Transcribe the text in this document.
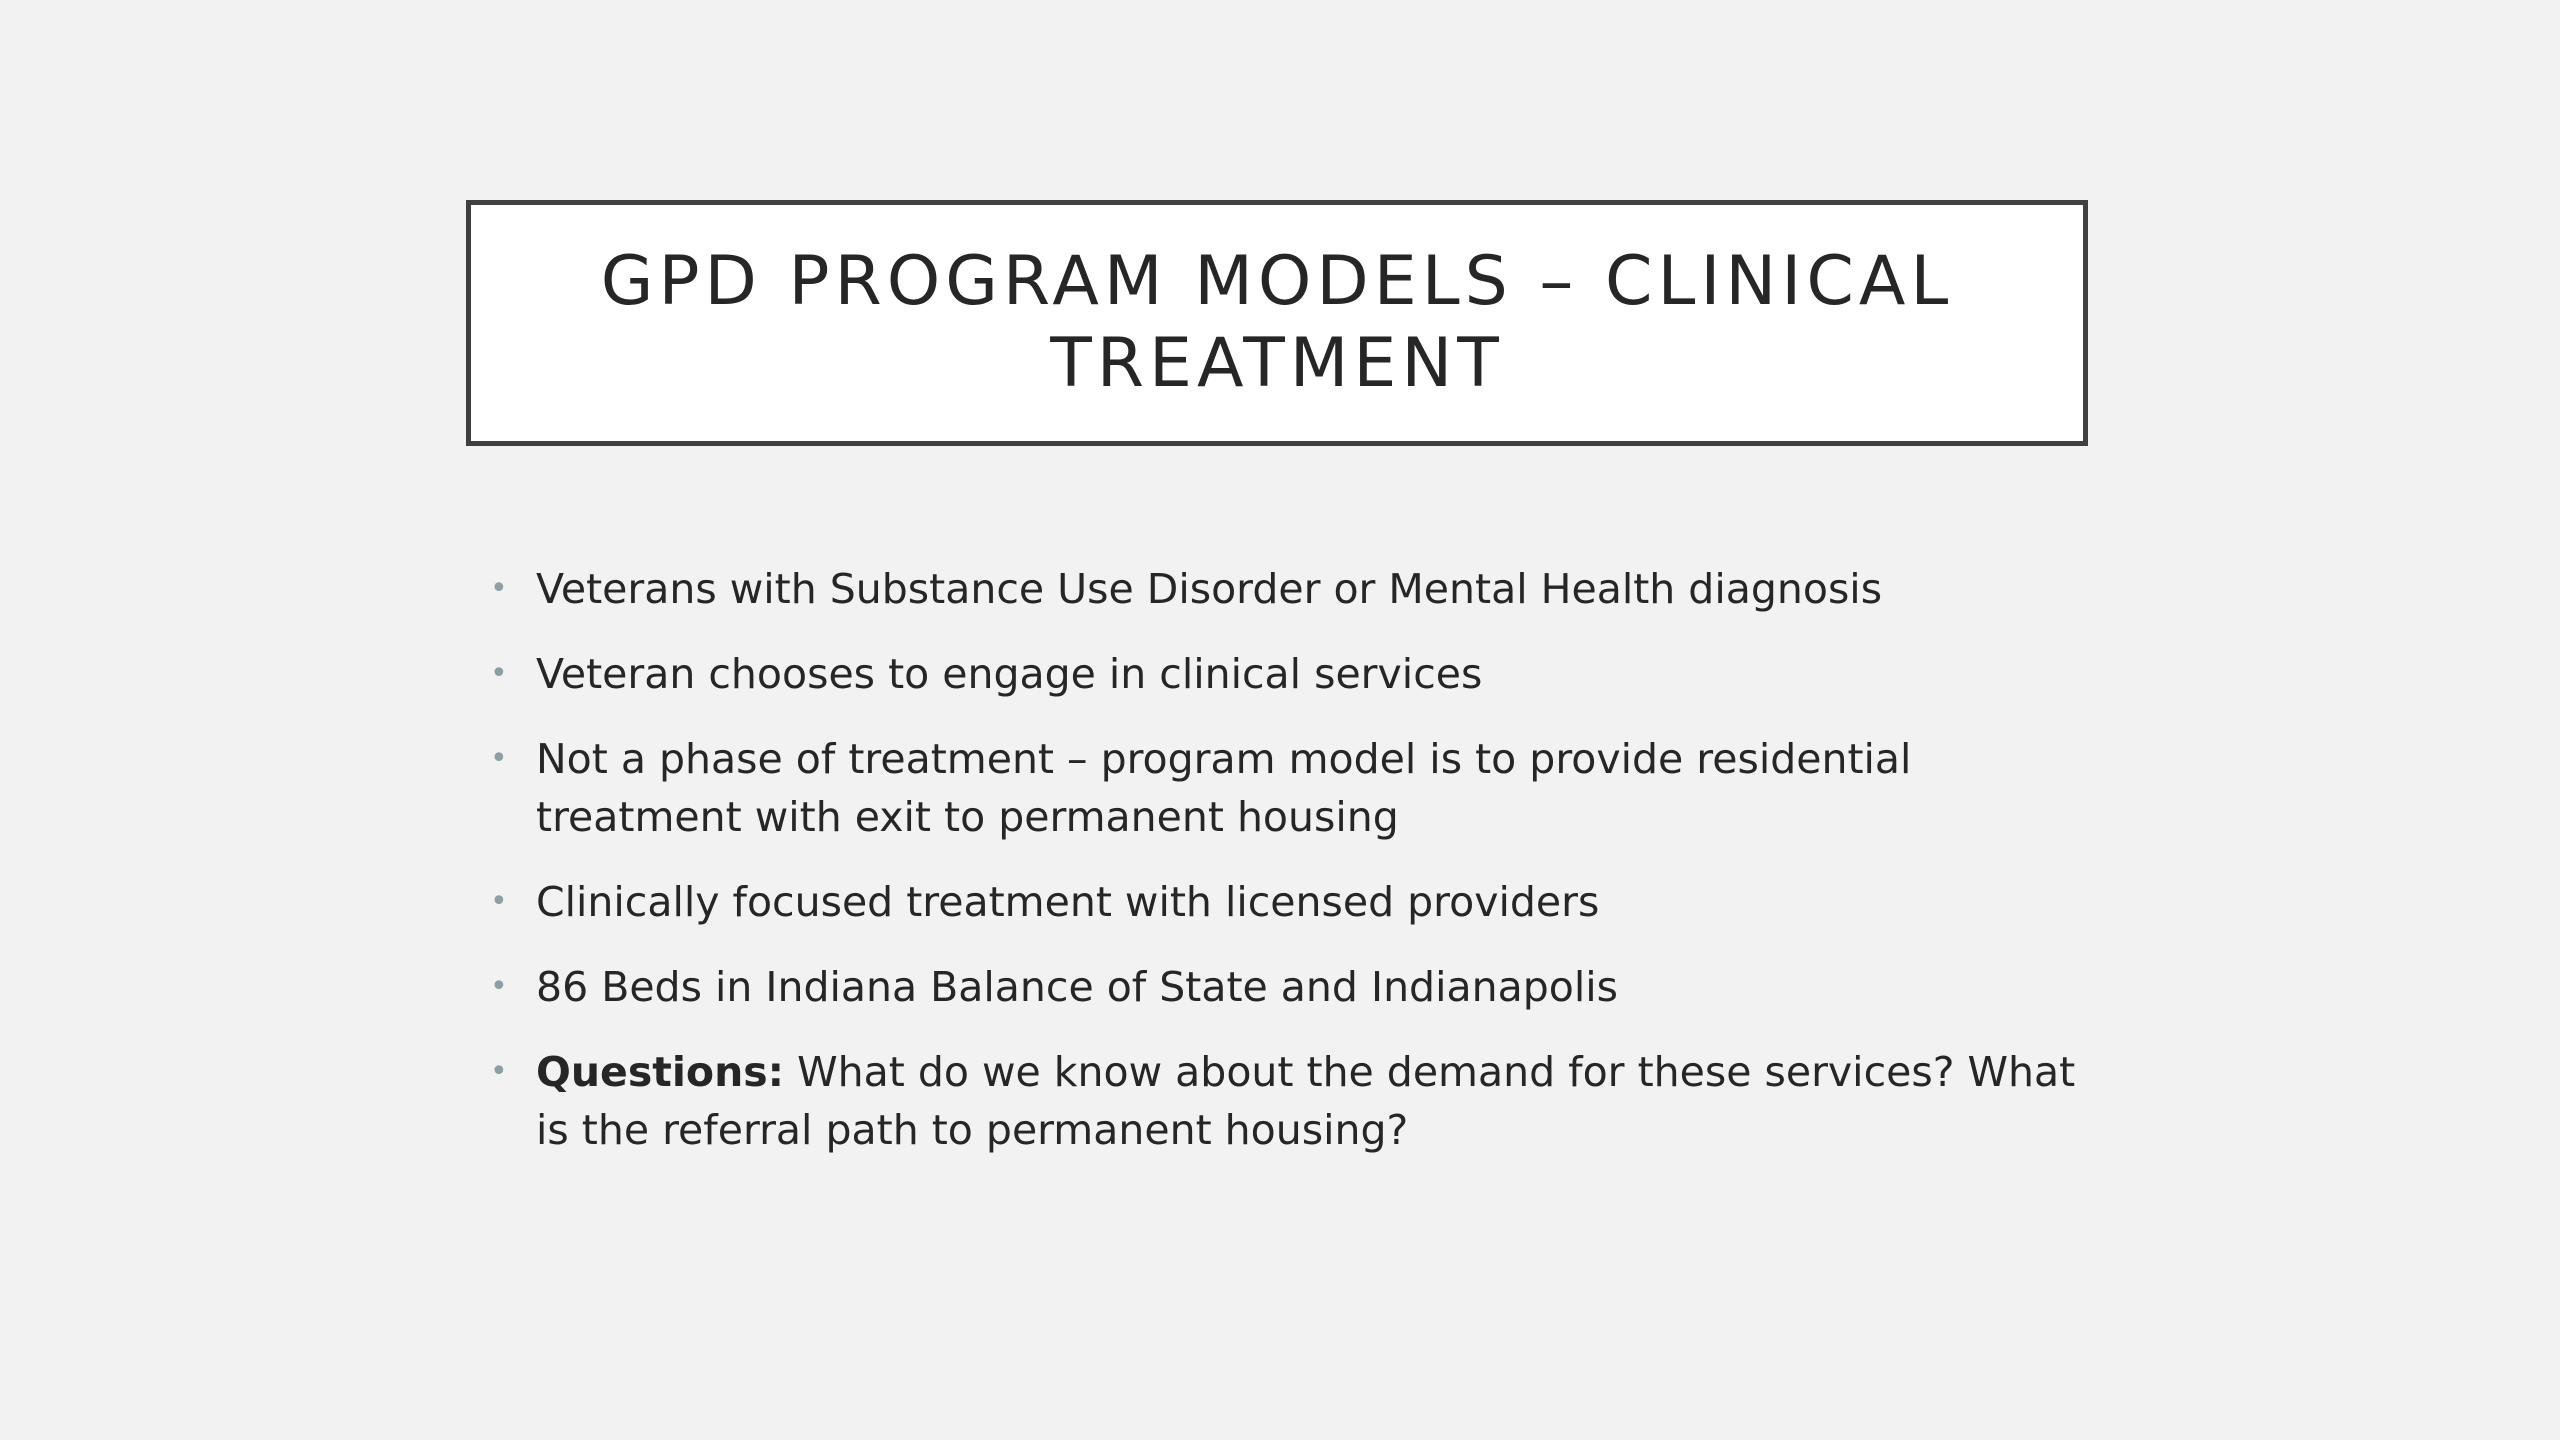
GPD PROGRAM MODELS – CLINICAL TREATMENT
• Veterans with Substance Use Disorder or Mental Health diagnosis
• Veteran chooses to engage in clinical services
• Not a phase of treatment – program model is to provide residential treatment with exit to permanent housing
• Clinically focused treatment with licensed providers
• 86 Beds in Indiana Balance of State and Indianapolis
• Questions: What do we know about the demand for these services? What is the referral path to permanent housing?
